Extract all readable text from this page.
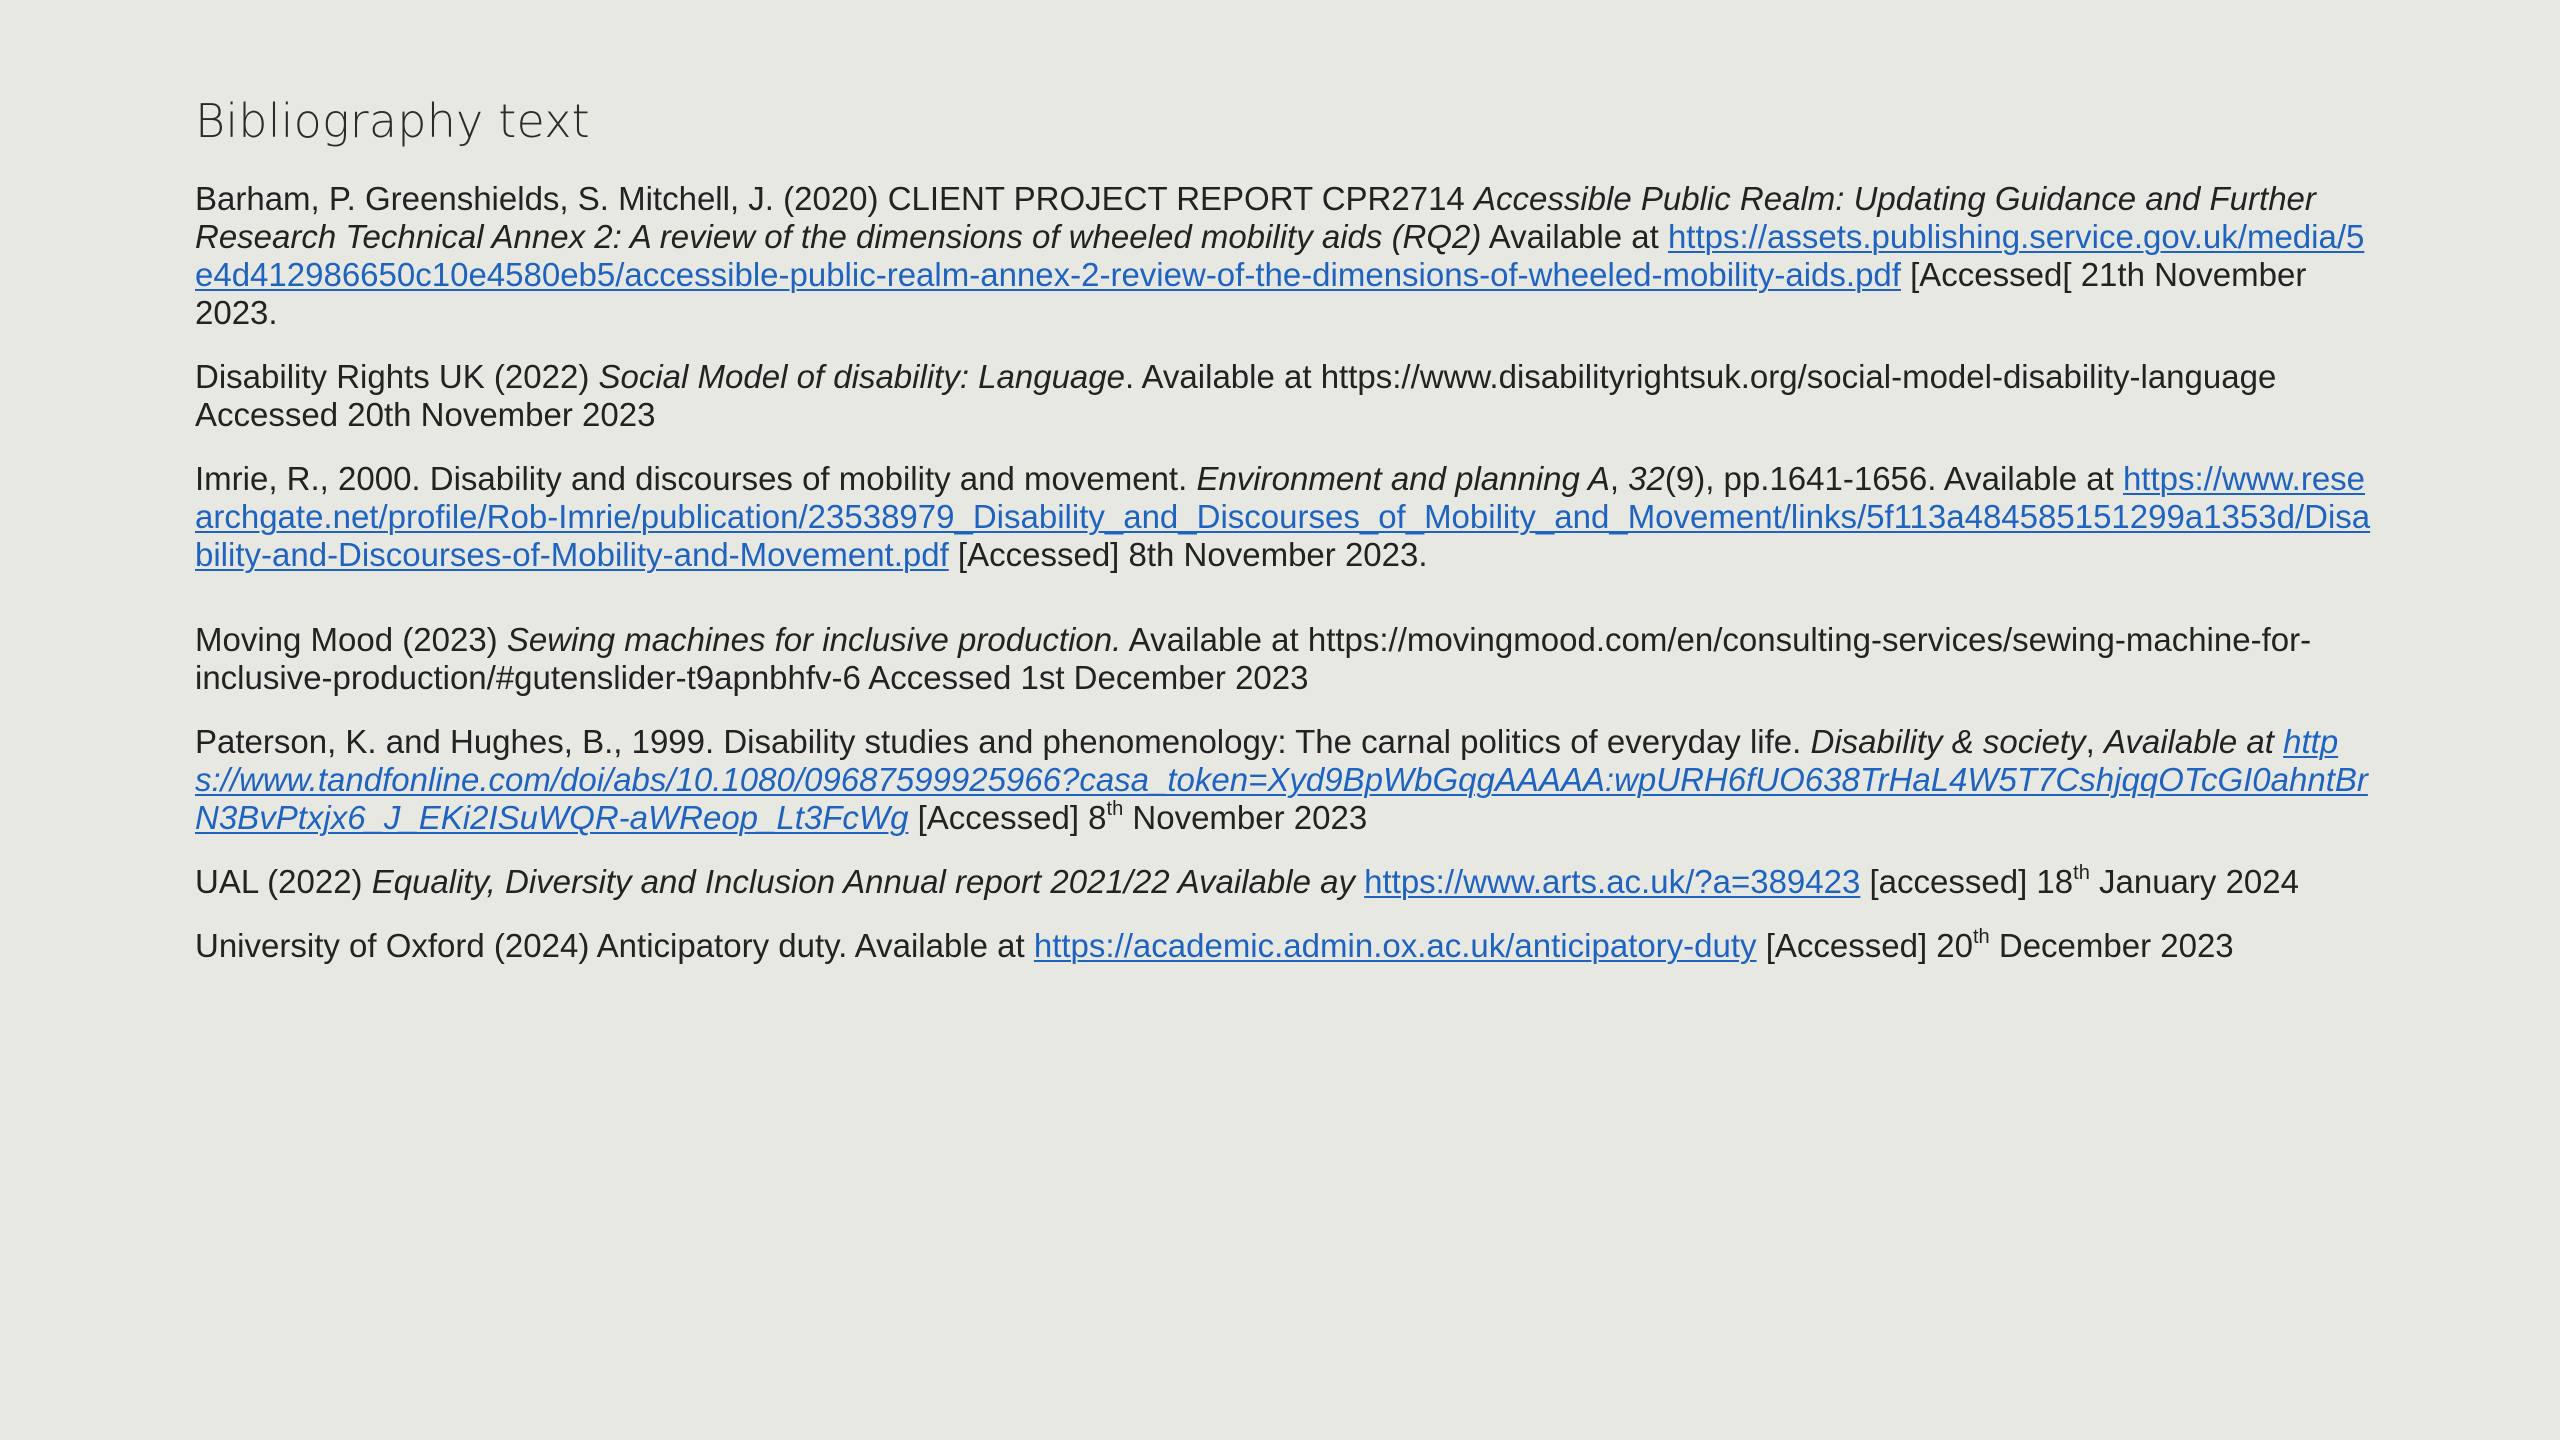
Bibliography text

Barham, P. Greenshields, S. Mitchell, J. (2020) CLIENT PROJECT REPORT CPR2714 Accessible Public Realm: Updating Guidance and Further Research Technical Annex 2: A review of the dimensions of wheeled mobility aids (RQ2) Available at https://assets.publishing.service.gov.uk/media/5e4d412986650c10e4580eb5/accessible-public-realm-annex-2-review-of-the-dimensions-of-wheeled-mobility-aids.pdf [Accessed[ 21th November 2023.

Disability Rights UK (2022) Social Model of disability: Language. Available at https://www.disabilityrightsuk.org/social-model-disability-language Accessed 20th November 2023

Imrie, R., 2000. Disability and discourses of mobility and movement. Environment and planning A, 32(9), pp.1641-1656. Available at https://www.researchgate.net/profile/Rob-Imrie/publication/23538979_Disability_and_Discourses_of_Mobility_and_Movement/links/5f113a484585151299a1353d/Disability-and-Discourses-of-Mobility-and-Movement.pdf [Accessed] 8th November 2023.

Moving Mood (2023) Sewing machines for inclusive production. Available at https://movingmood.com/en/consulting-services/sewing-machine-for-inclusive-production/#gutenslider-t9apnbhfv-6 Accessed 1st December 2023

Paterson, K. and Hughes, B., 1999. Disability studies and phenomenology: The carnal politics of everyday life. Disability & society, Available at https://www.tandfonline.com/doi/abs/10.1080/09687599925966?casa_token=Xyd9BpWbGqgAAAAA:wpURH6fUO638TrHaL4W5T7CshjqqOTcGI0ahntBrN3BvPtxjx6_J_EKi2ISuWQR-aWReop_Lt3FcWg [Accessed] 8th November 2023

UAL (2022) Equality, Diversity and Inclusion Annual report 2021/22 Available ay https://www.arts.ac.uk/?a=389423 [accessed] 18th January 2024

University of Oxford (2024) Anticipatory duty. Available at https://academic.admin.ox.ac.uk/anticipatory-duty [Accessed] 20th December 2023
